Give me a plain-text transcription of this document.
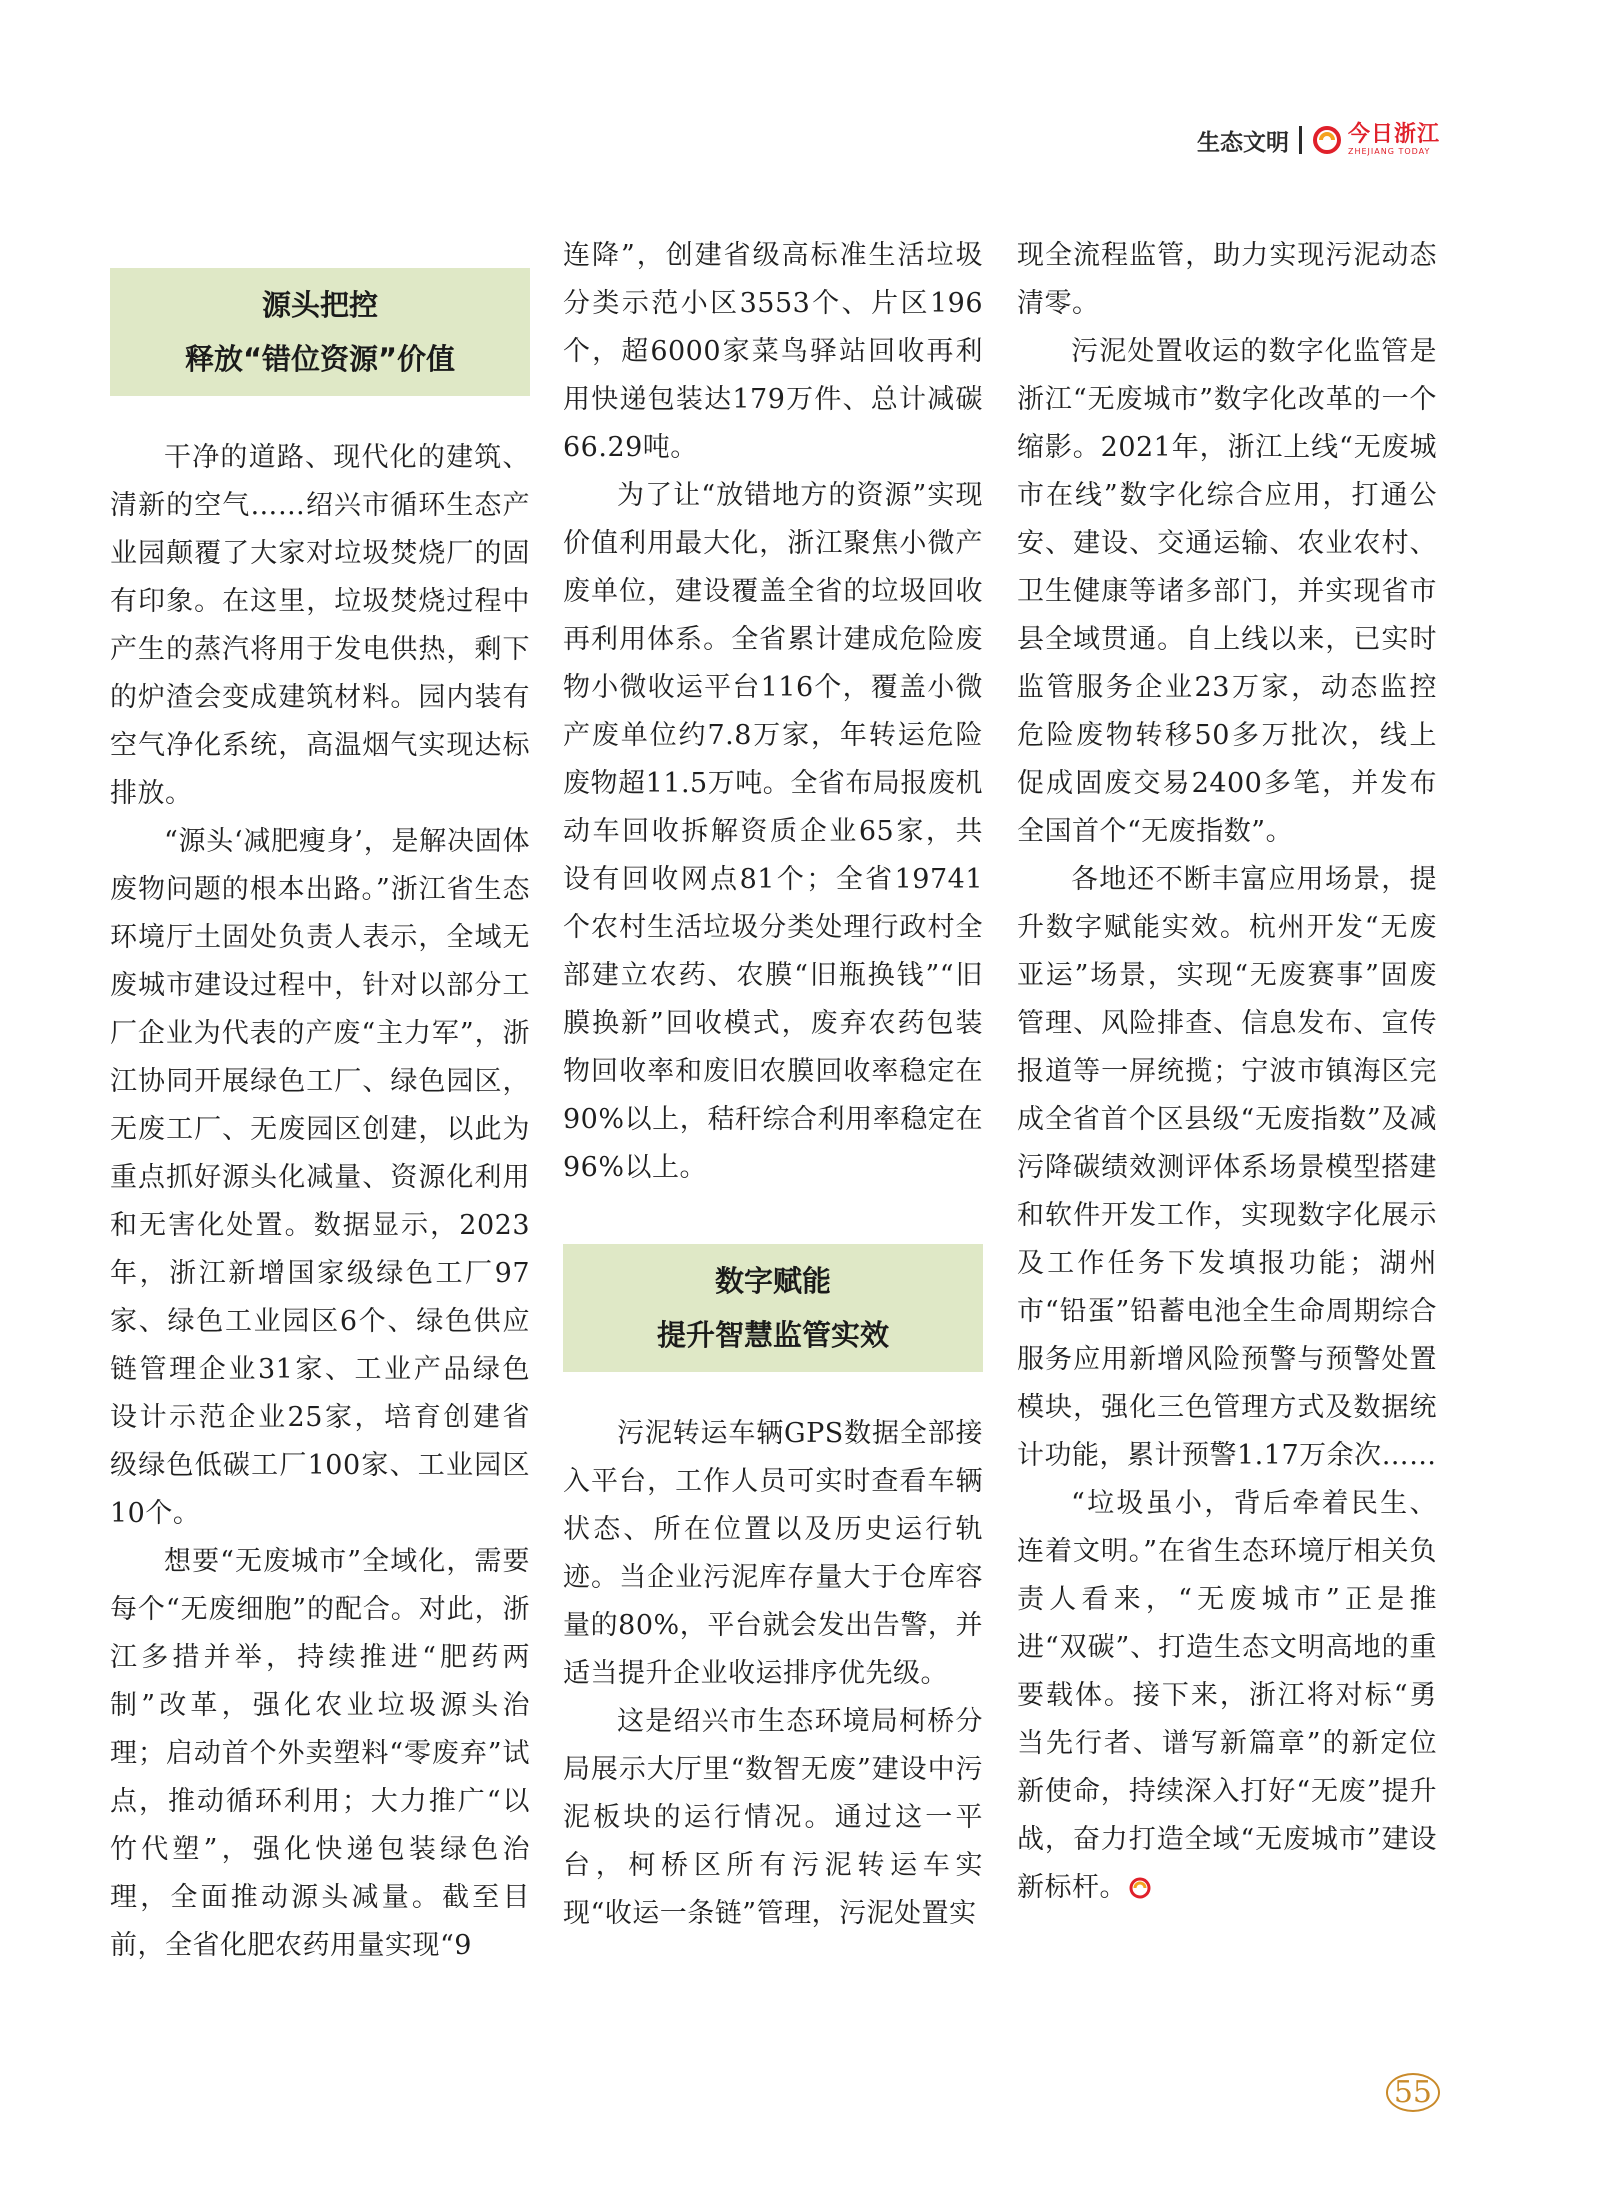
生态文明	今日浙江
ZHEJIANG TODAY
源头把控
释放“错位资源”价值

干净的道路、现代化的建筑、清新的空气……绍兴市循环生态产业园颠覆了大家对垃圾焚烧厂的固有印象。在这里，垃圾焚烧过程中产生的蒸汽将用于发电供热，剩下的炉渣会变成建筑材料。园内装有空气净化系统，高温烟气实现达标排放。

“源头‘减肥瘦身’，是解决固体废物问题的根本出路。”浙江省生态环境厅土固处负责人表示，全域无废城市建设过程中，针对以部分工厂企业为代表的产废“主力军”，浙江协同开展绿色工厂、绿色园区，无废工厂、无废园区创建，以此为重点抓好源头化减量、资源化利用和无害化处置。数据显示，2023年，浙江新增国家级绿色工厂97家、绿色工业园区6个、绿色供应链管理企业31家、工业产品绿色设计示范企业25家，培育创建省级绿色低碳工厂100家、工业园区10个。

想要“无废城市”全域化，需要每个“无废细胞”的配合。对此，浙江多措并举，持续推进“肥药两制”改革，强化农业垃圾源头治理；启动首个外卖塑料“零废弃”试点，推动循环利用；大力推广“以竹代塑”，强化快递包装绿色治理，全面推动源头减量。截至目前，全省化肥农药用量实现“9

连降”，创建省级高标准生活垃圾分类示范小区3553个、片区196个，超6000家菜鸟驿站回收再利用快递包装达179万件、总计减碳66.29吨。

为了让“放错地方的资源”实现价值利用最大化，浙江聚焦小微产废单位，建设覆盖全省的垃圾回收再利用体系。全省累计建成危险废物小微收运平台116个，覆盖小微产废单位约7.8万家，年转运危险废物超11.5万吨。全省布局报废机动车回收拆解资质企业65家，共设有回收网点81个；全省19741个农村生活垃圾分类处理行政村全部建立农药、农膜“旧瓶换钱”“旧膜换新”回收模式，废弃农药包装物回收率和废旧农膜回收率稳定在90%以上，秸秆综合利用率稳定在96%以上。

数字赋能
提升智慧监管实效

污泥转运车辆GPS数据全部接入平台，工作人员可实时查看车辆状态、所在位置以及历史运行轨迹。当企业污泥库存量大于仓库容量的80%，平台就会发出告警，并适当提升企业收运排序优先级。

这是绍兴市生态环境局柯桥分局展示大厅里“数智无废”建设中污泥板块的运行情况。通过这一平台，柯桥区所有污泥转运车实现“收运一条链”管理，污泥处置实

现全流程监管，助力实现污泥动态清零。

污泥处置收运的数字化监管是浙江“无废城市”数字化改革的一个缩影。2021年，浙江上线“无废城市在线”数字化综合应用，打通公安、建设、交通运输、农业农村、卫生健康等诸多部门，并实现省市县全域贯通。自上线以来，已实时监管服务企业23万家，动态监控危险废物转移50多万批次，线上促成固废交易2400多笔，并发布全国首个“无废指数”。

各地还不断丰富应用场景，提升数字赋能实效。杭州开发“无废亚运”场景，实现“无废赛事”固废管理、风险排查、信息发布、宣传报道等一屏统揽；宁波市镇海区完成全省首个区县级“无废指数”及减污降碳绩效测评体系场景模型搭建和软件开发工作，实现数字化展示及工作任务下发填报功能；湖州市“铅蛋”铅蓄电池全生命周期综合服务应用新增风险预警与预警处置模块，强化三色管理方式及数据统计功能，累计预警1.17万余次……

“垃圾虽小，背后牵着民生、连着文明。”在省生态环境厅相关负责人看来，“无废城市”正是推进“双碳”、打造生态文明高地的重要载体。接下来，浙江将对标“勇当先行者、谱写新篇章”的新定位新使命，持续深入打好“无废”提升战，奋力打造全域“无废城市”建设新标杆。

55
